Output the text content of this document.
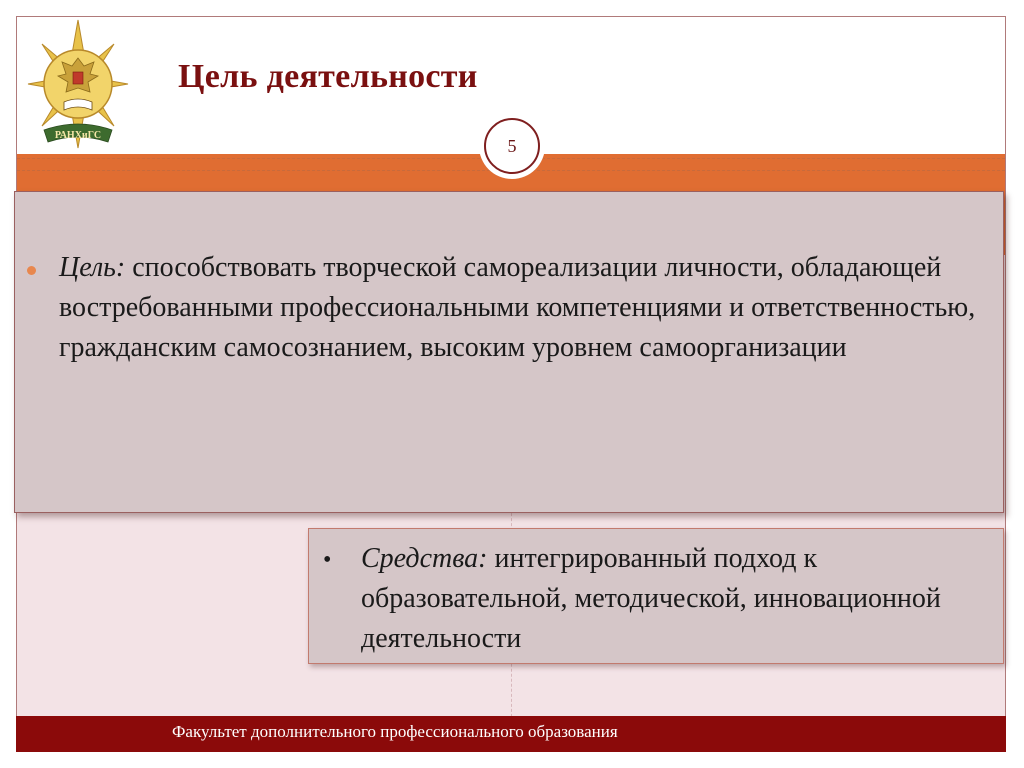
РАНХиГС
Цель деятельности
5
Цель: способствовать творческой самореализации личности, обладающей востребованными профессиональными компетенциями и ответственностью, гражданским самосознанием, высоким уровнем самоорганизации
• Средства: интегрированный подход к образовательной, методической, инновационной деятельности
Факультет дополнительного профессионального образования
